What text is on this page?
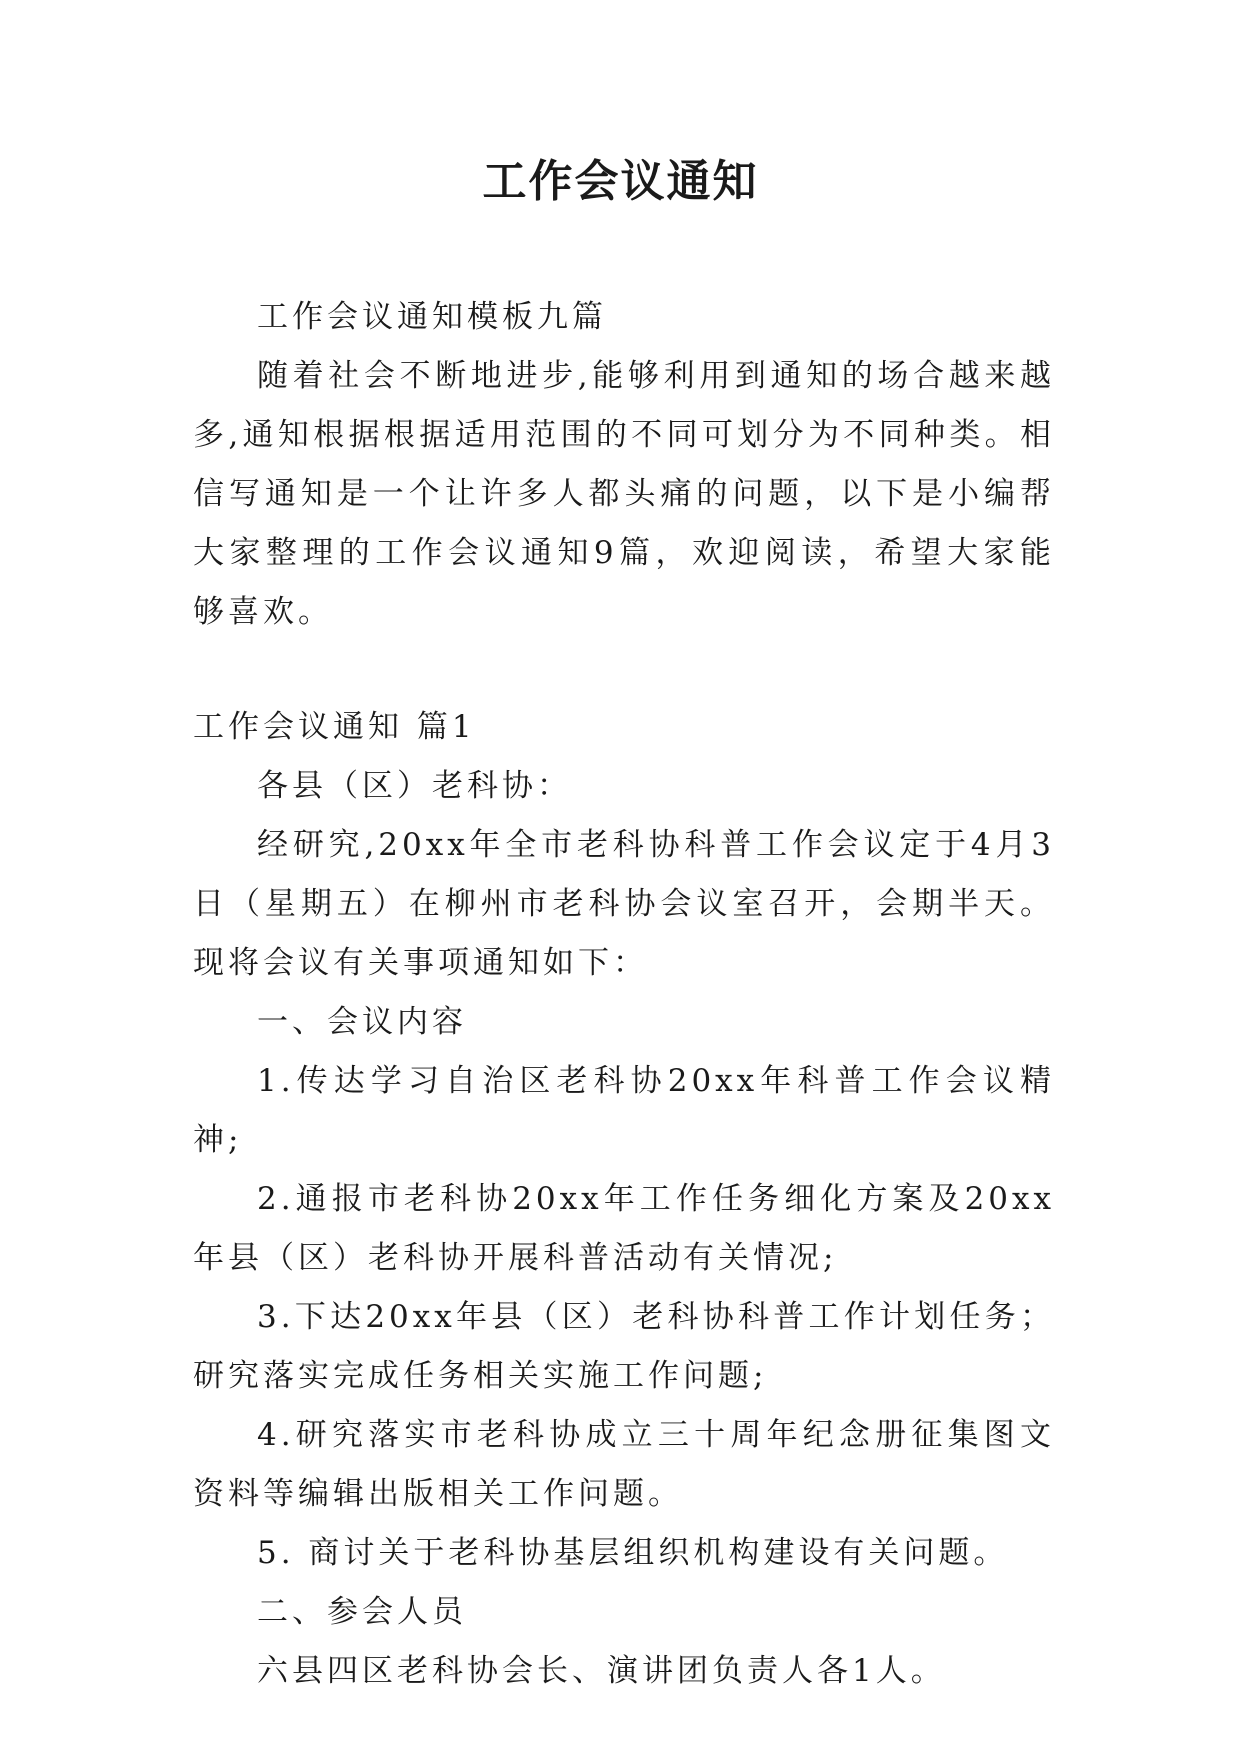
工作会议通知

工作会议通知模板九篇

随着社会不断地进步,能够利用到通知的场合越来越多,通知根据根据适用范围的不同可划分为不同种类。相信写通知是一个让许多人都头痛的问题，以下是小编帮大家整理的工作会议通知9篇，欢迎阅读，希望大家能够喜欢。

工作会议通知 篇1

各县（区）老科协：

经研究,20xx年全市老科协科普工作会议定于4月3日（星期五）在柳州市老科协会议室召开，会期半天。现将会议有关事项通知如下：

一、会议内容

1.传达学习自治区老科协20xx年科普工作会议精神;

2.通报市老科协20xx年工作任务细化方案及20xx年县（区）老科协开展科普活动有关情况;

3.下达20xx年县（区）老科协科普工作计划任务；研究落实完成任务相关实施工作问题;

4.研究落实市老科协成立三十周年纪念册征集图文资料等编辑出版相关工作问题。

5. 商讨关于老科协基层组织机构建设有关问题。

二、参会人员

六县四区老科协会长、演讲团负责人各1人。
